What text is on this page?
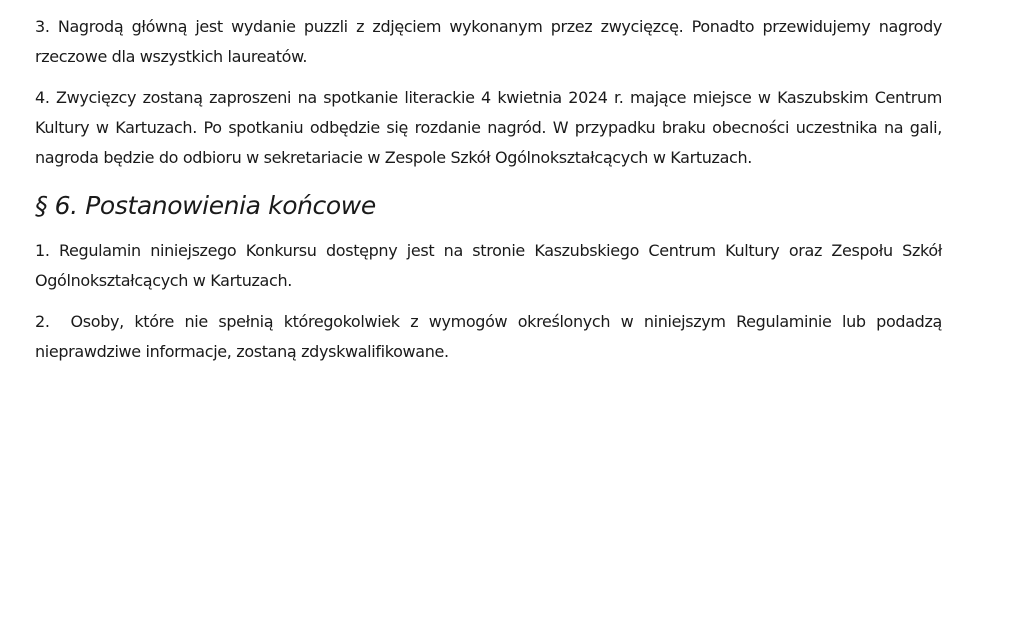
3. Nagrodą główną jest wydanie puzzli z zdjęciem wykonanym przez zwycięzcę. Ponadto przewidujemy nagrody rzeczowe dla wszystkich laureatów.

4. Zwycięzcy zostaną zaproszeni na spotkanie literackie 4 kwietnia 2024 r. mające miejsce w Kaszubskim Centrum Kultury w Kartuzach. Po spotkaniu odbędzie się rozdanie nagród. W przypadku braku obecności uczestnika na gali, nagroda będzie do odbioru w sekretariacie w Zespole Szkół Ogólnokształcących w Kartuzach.

§ 6. Postanowienia końcowe

1. Regulamin niniejszego Konkursu dostępny jest na stronie Kaszubskiego Centrum Kultury oraz Zespołu Szkół Ogólnokształcących w Kartuzach.

2.  Osoby, które nie spełnią któregokolwiek z wymogów określonych w niniejszym Regulaminie lub podadzą nieprawdziwe informacje, zostaną zdyskwalifikowane.
